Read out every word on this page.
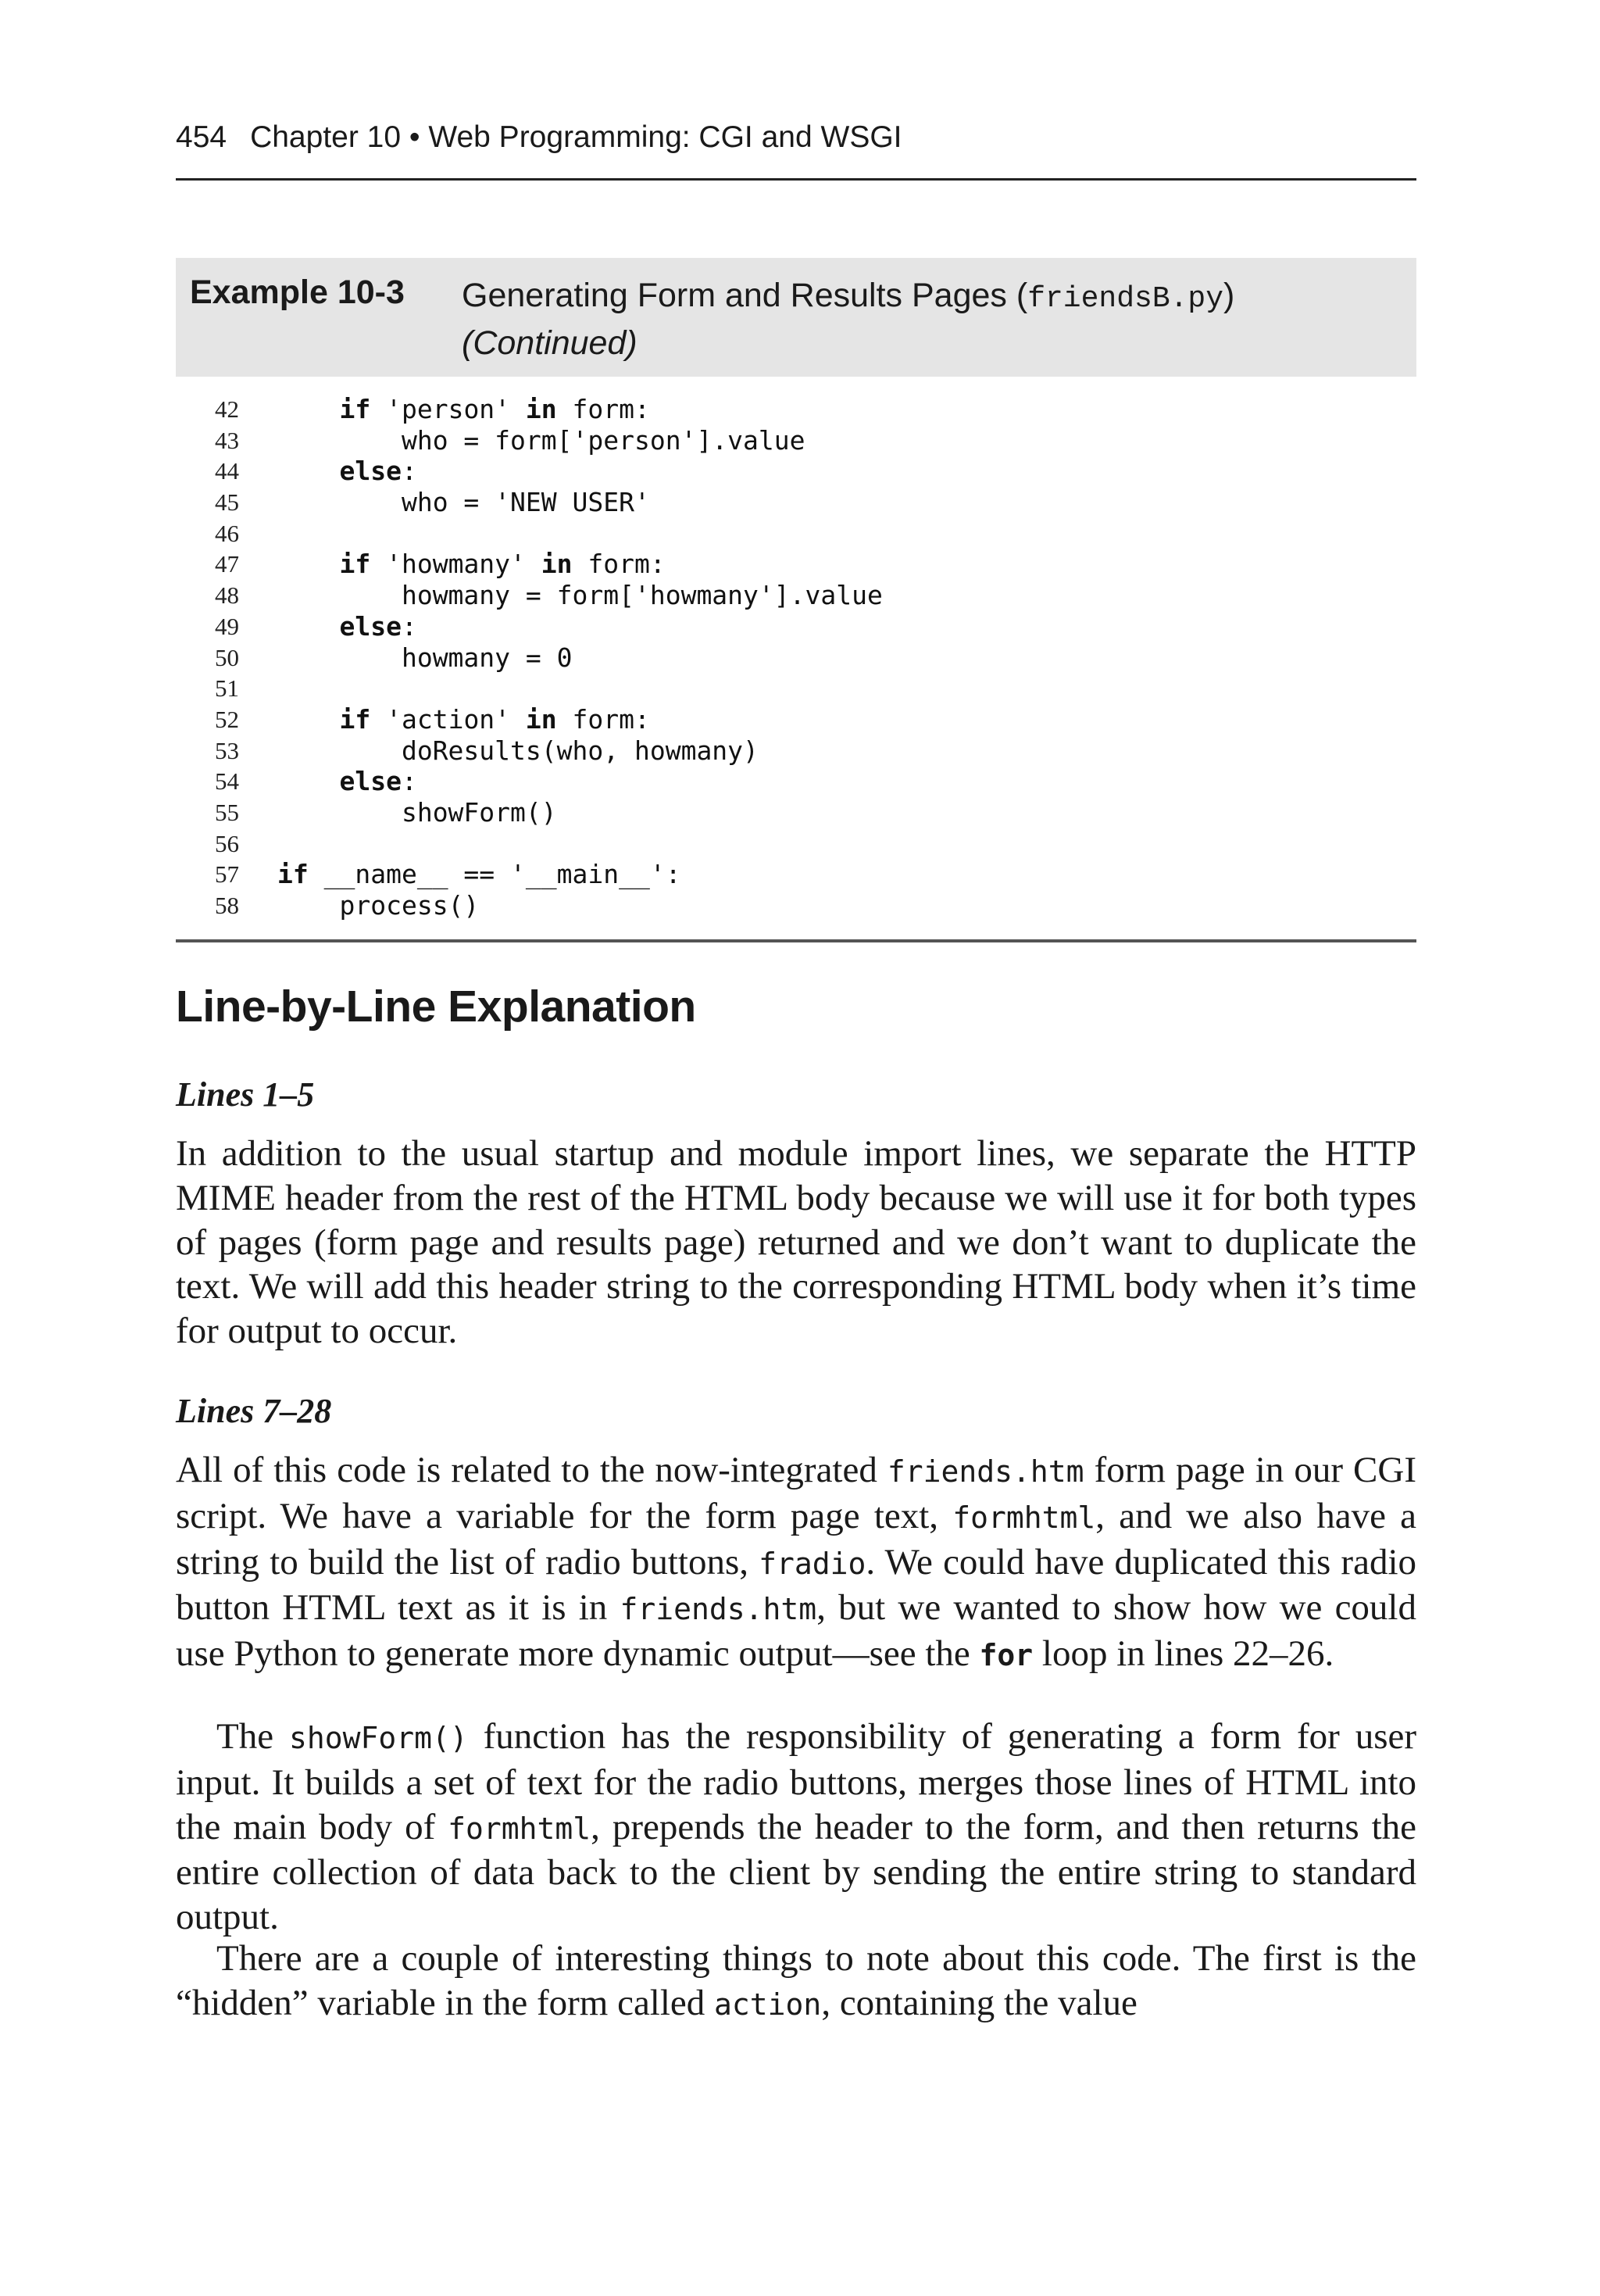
454 Chapter 10 • Web Programming: CGI and WSGI
Example 10-3 Generating Form and Results Pages (friendsB.py)
(Continued)
42	if 'person' in form:
43	who = form['person'].value
44	else:
45	who = 'NEW USER'
46
47	if 'howmany' in form:
48	howmany = form['howmany'].value
49	else:
50	howmany = 0
51
52	if 'action' in form:
53	doResults(who, howmany)
54	else:
55	showForm()
56
57	if __name__ == '__main__':
58	process()
Line-by-Line Explanation
Lines 1–5
In addition to the usual startup and module import lines, we separate the HTTP MIME header from the rest of the HTML body because we will use it for both types of pages (form page and results page) returned and we don’t want to duplicate the text. We will add this header string to the corresponding HTML body when it’s time for output to occur.
Lines 7–28
All of this code is related to the now-integrated friends.htm form page in our CGI script. We have a variable for the form page text, formhtml, and we also have a string to build the list of radio buttons, fradio. We could have duplicated this radio button HTML text as it is in friends.htm, but we wanted to show how we could use Python to generate more dynamic output—see the for loop in lines 22–26.
The showForm() function has the responsibility of generating a form for user input. It builds a set of text for the radio buttons, merges those lines of HTML into the main body of formhtml, prepends the header to the form, and then returns the entire collection of data back to the client by sending the entire string to standard output.
There are a couple of interesting things to note about this code. The first is the “hidden” variable in the form called action, containing the value
